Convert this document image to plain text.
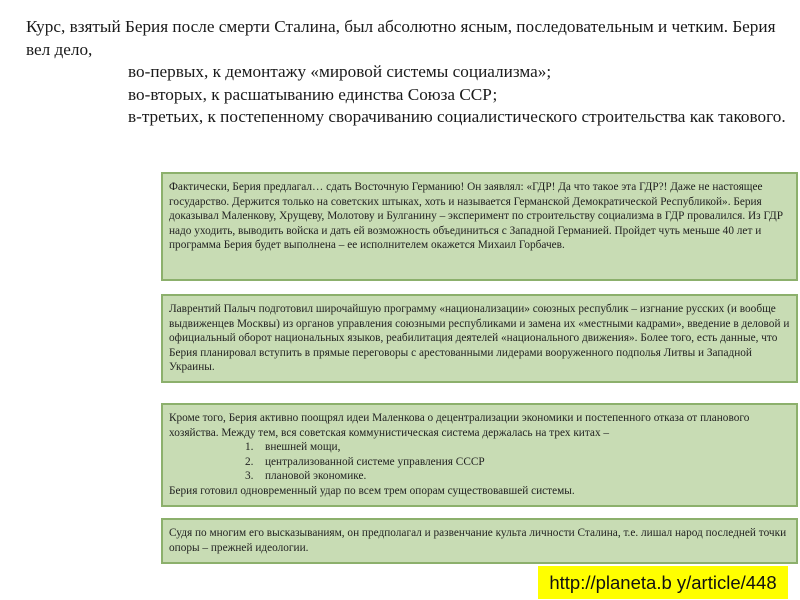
Курс, взятый Берия после смерти Сталина, был абсолютно ясным, последовательным и четким. Берия вел дело,

во-первых, к демонтажу «мировой системы социализма»;
во-вторых, к расшатыванию единства Союза ССР;
в-третьих, к постепенному сворачиванию социалистического строительства как такового.

Фактически, Берия предлагал… сдать Восточную Германию! Он заявлял: «ГДР! Да что такое эта ГДР?! Даже не настоящее государство. Держится только на советских штыках, хоть и называется Германской Демократической Республикой». Берия доказывал Маленкову, Хрущеву, Молотову и Булганину – эксперимент по строительству социализма в ГДР провалился. Из ГДР надо уходить, выводить войска и дать ей возможность объединиться с Западной Германией. Пройдет чуть меньше 40 лет и программа Берия будет выполнена – ее исполнителем окажется Михаил Горбачев.

Лаврентий Палыч подготовил широчайшую программу «национализации» союзных республик – изгнание русских (и вообще выдвиженцев Москвы) из органов управления союзными республиками и замена их «местными кадрами», введение в деловой и официальный оборот национальных языков, реабилитация деятелей «национального движения». Более того, есть данные, что Берия планировал вступить в прямые переговоры с арестованными лидерами вооруженного подполья Литвы и Западной Украины.

Кроме того, Берия активно поощрял идеи Маленкова о децентрализации экономики и постепенного отказа от планового хозяйства. Между тем, вся советская коммунистическая система держалась на трех китах –

1. внешней мощи,
2. централизованной системе управления СССР
3. плановой экономике.

Берия готовил одновременный удар по всем трем опорам существовавшей системы.

Судя по многим его высказываниям, он предполагал и развенчание культа личности Сталина, т.е. лишал народ последней точки опоры – прежней идеологии.

http://planeta.b y/article/448
